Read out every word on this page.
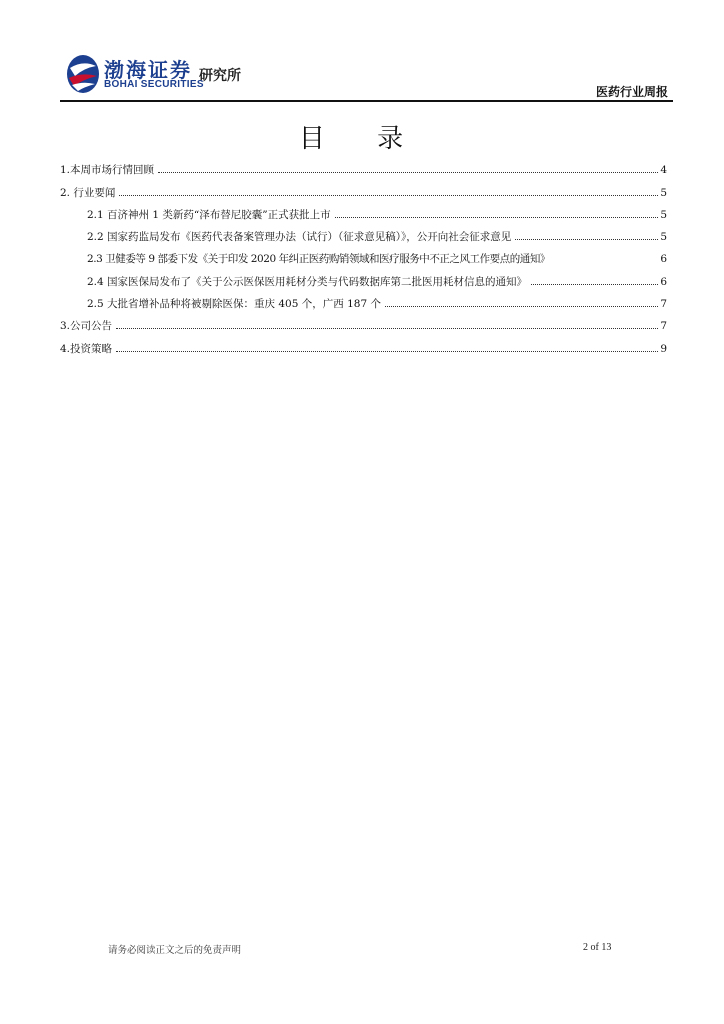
渤海证券
BOHAI SECURITIES
研究所
医药行业周报
目 录
1.本周市场行情回顾	4
2. 行业要闻	5
2.1 百济神州 1 类新药“泽布替尼胶囊”正式获批上市	5
2.2 国家药监局发布《医药代表备案管理办法（试行）（征求意见稿）》，公开向社会征求意见	5
2.3 卫健委等 9 部委下发《关于印发 2020 年纠正医药购销领域和医疗服务中不正之风工作要点的通知》	6
2.4 国家医保局发布了《关于公示医保医用耗材分类与代码数据库第二批医用耗材信息的通知》	6
2.5 大批省增补品种将被剔除医保：重庆 405 个，广西 187 个	7
3.公司公告	7
4.投资策略	9
请务必阅读正文之后的免责声明	2 of 13
